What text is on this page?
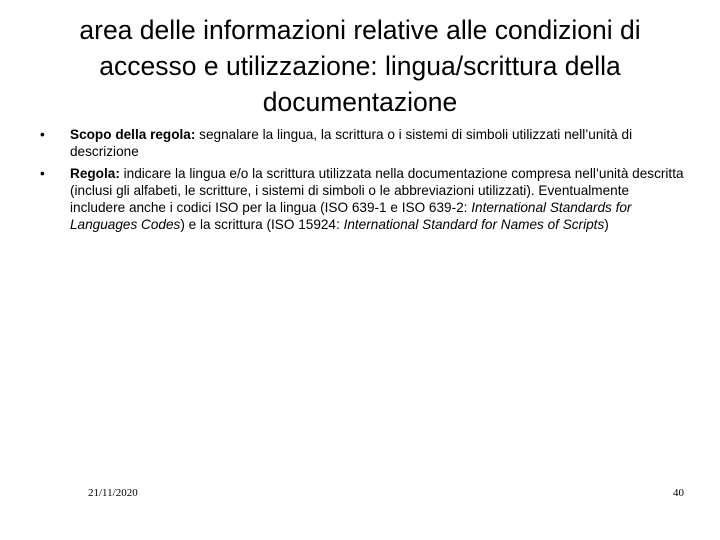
area delle informazioni relative alle condizioni di
accesso e utilizzazione: lingua/scrittura della
documentazione
•	Scopo della regola: segnalare la lingua, la scrittura o i sistemi di simboli utilizzati nell’unità di descrizione
•	Regola: indicare la lingua e/o la scrittura utilizzata nella documentazione compresa nell’unità descritta (inclusi gli alfabeti, le scritture, i sistemi di simboli o le abbreviazioni utilizzati). Eventualmente includere anche i codici ISO per la lingua (ISO 639-1 e ISO 639-2: International Standards for Languages Codes) e la scrittura (ISO 15924: International Standard for Names of Scripts)
21/11/2020	40
